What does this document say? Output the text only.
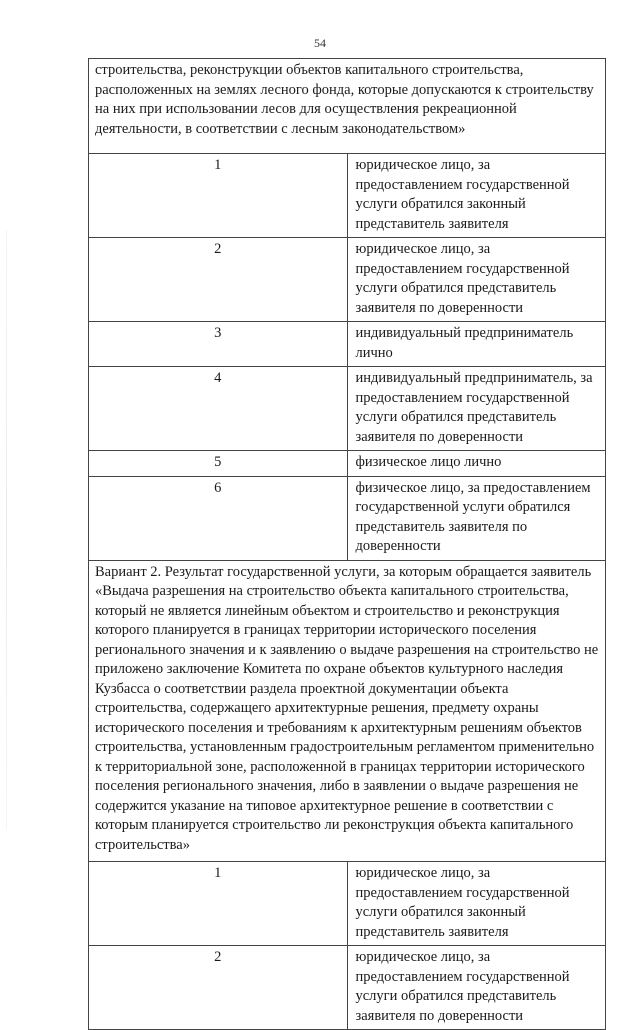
54
строительства, реконструкции объектов капитального строительства, расположенных на землях лесного фонда, которые допускаются к строительству на них при использовании лесов для осуществления рекреационной деятельности, в соответствии с лесным законодательством»	
1	юридическое лицо, за предоставлением государственной услуги обратился законный представитель заявителя
2	юридическое лицо, за предоставлением государственной услуги обратился представитель заявителя по доверенности
3	индивидуальный предприниматель лично
4	индивидуальный предприниматель, за предоставлением государственной услуги обратился представитель заявителя по доверенности
5	физическое лицо лично
6	физическое лицо, за предоставлением государственной услуги обратился представитель заявителя по доверенности
Вариант 2. Результат государственной услуги, за которым обращается заявитель «Выдача разрешения на строительство объекта капитального строительства, который не является линейным объектом и строительство и реконструкция которого планируется в границах территории исторического поселения регионального значения и к заявлению о выдаче разрешения на строительство не приложено заключение Комитета по охране объектов культурного наследия Кузбасса о соответствии раздела проектной документации объекта строительства, содержащего архитектурные решения, предмету охраны исторического поселения и требованиям к архитектурным решениям объектов строительства, установленным градостроительным регламентом применительно к территориальной зоне, расположенной в границах территории исторического поселения регионального значения, либо в заявлении о выдаче разрешения не содержится указание на типовое архитектурное решение в соответствии с которым планируется строительство ли реконструкция объекта капитального строительства»	
1	юридическое лицо, за предоставлением государственной услуги обратился законный представитель заявителя
2	юридическое лицо, за предоставлением государственной услуги обратился представитель заявителя по доверенности
